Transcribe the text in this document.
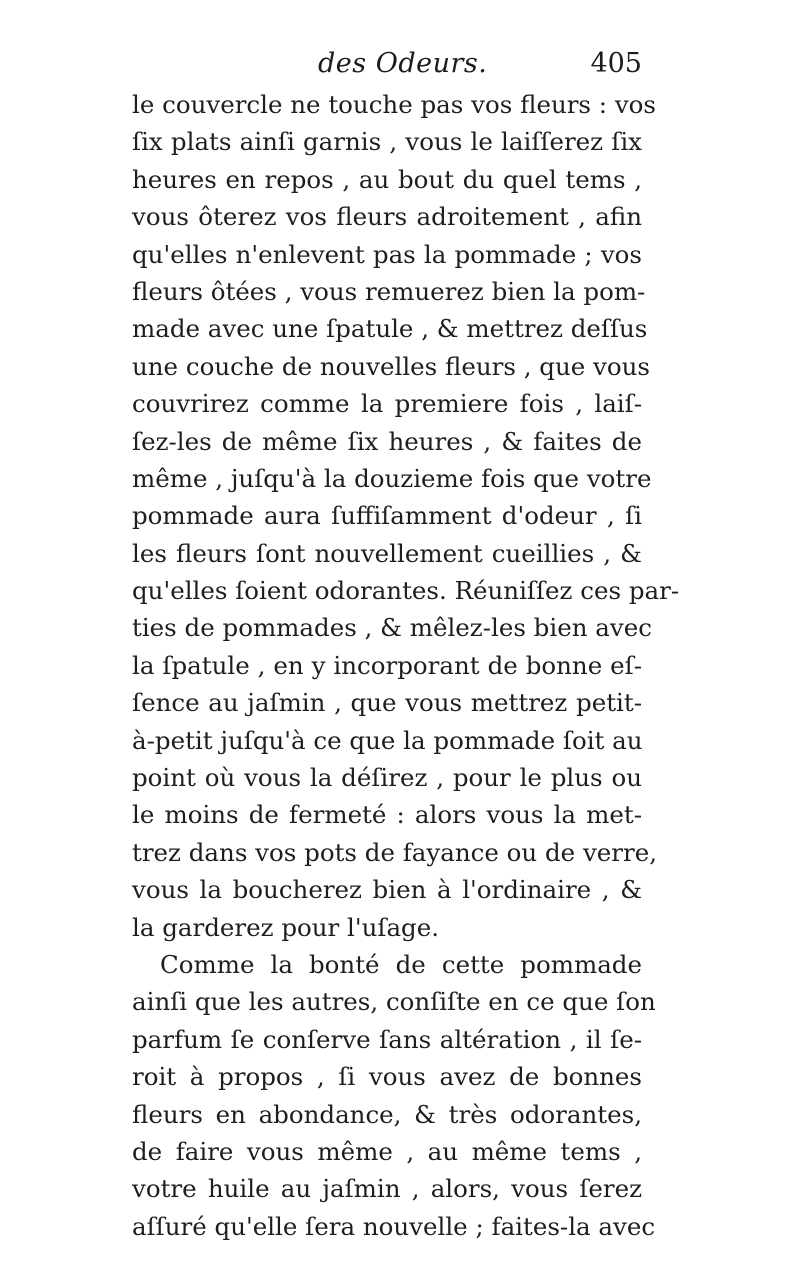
des Odeurs.	405
le couvercle ne touche pas vos fleurs : vos
ſix plats ainſi garnis , vous le laiſſerez ſix
heures en repos , au bout du quel tems ,
vous ôterez vos fleurs adroitement , afin
qu'elles n'enlevent pas la pommade ; vos
fleurs ôtées , vous remuerez bien la pom-
made avec une ſpatule , & mettrez deſſus
une couche de nouvelles fleurs , que vous
couvrirez comme la premiere fois , laiſ-
ſez-les de même ſix heures , & faites de
même , juſqu'à la douzieme fois que votre
pommade aura ſuffiſamment d'odeur , ſi
les fleurs ſont nouvellement cueillies , &
qu'elles ſoient odorantes. Réuniſſez ces par-
ties de pommades , & mêlez-les bien avec
la ſpatule , en y incorporant de bonne eſ-
ſence au jaſmin , que vous mettrez petit-
à-petit juſqu'à ce que la pommade ſoit au
point où vous la déſirez , pour le plus ou
le moins de fermeté : alors vous la met-
trez dans vos pots de fayance ou de verre,
vous la boucherez bien à l'ordinaire , &
la garderez pour l'uſage.
Comme la bonté de cette pommade
ainſi que les autres, conſiſte en ce que ſon
parfum ſe conſerve ſans altération , il ſe-
roit à propos , ſi vous avez de bonnes
fleurs en abondance, & très odorantes,
de faire vous même , au même tems ,
votre huile au jaſmin , alors, vous ſerez
aſſuré qu'elle ſera nouvelle ; faites-la avec
